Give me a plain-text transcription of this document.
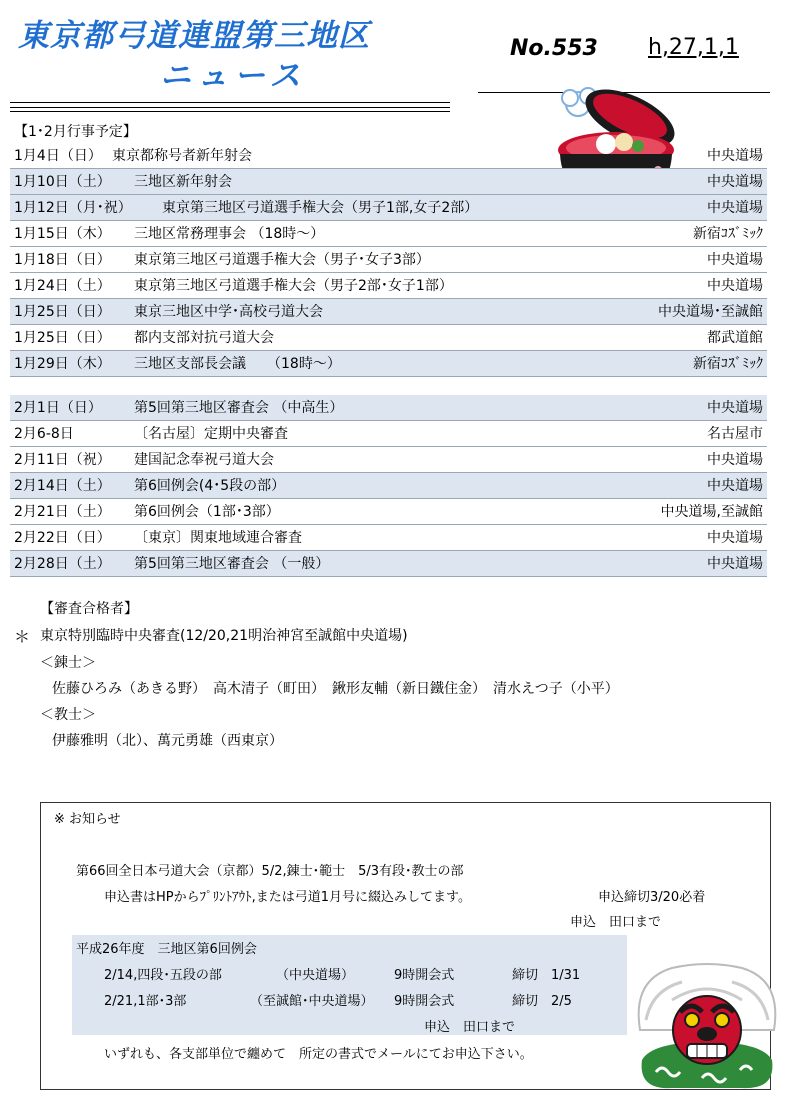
東京都弓道連盟第三地区
ニュース
No.553 h,27,1,1
【1･2月行事予定】
1月4日（日） 東京都称号者新年射会	中央道場
1月10日（土） 三地区新年射会	中央道場
1月12日（月･祝） 東京第三地区弓道選手権大会（男子1部,女子2部）	中央道場
1月15日（木） 三地区常務理事会 （18時～）	新宿ｺｽﾞﾐｯｸ
1月18日（日） 東京第三地区弓道選手権大会（男子･女子3部）	中央道場
1月24日（土） 東京第三地区弓道選手権大会（男子2部･女子1部）	中央道場
1月25日（日） 東京三地区中学･高校弓道大会	中央道場･至誠館
1月25日（日） 都内支部対抗弓道大会	都武道館
1月29日（木） 三地区支部長会議　　（18時～）	新宿ｺｽﾞﾐｯｸ
2月1日（日） 第5回第三地区審査会 （中高生）	中央道場
2月6-8日	〔名古屋〕定期中央審査	名古屋市
2月11日（祝） 建国記念奉祝弓道大会	中央道場
2月14日（土） 第6回例会(4･5段の部）	中央道場
2月21日（土） 第6回例会（1部･3部）	中央道場,至誠館
2月22日（日） 〔東京〕関東地域連合審査	中央道場
2月28日（土） 第5回第三地区審査会 （一般）	中央道場
【審査合格者】
＊ 東京特別臨時中央審査(12/20,21明治神宮至誠館中央道場)
＜錬士＞
佐藤ひろみ（あきる野）　高木清子（町田）　鍬形友輔（新日鐵住金）　清水えつ子（小平）
＜教士＞
伊藤雅明（北）、萬元勇雄（西東京）
※ お知らせ
第66回全日本弓道大会（京都）5/2,錬士･範士　5/3有段･教士の部
申込書はHPからﾌﾟﾘﾝﾄｱｳﾄ,または弓道1月号に綴込みしてます。	申込締切3/20必着
申込　田口まで
平成26年度　三地区第6回例会
2/14,四段･五段の部	（中央道場）	9時開会式	締切　1/31
2/21,1部･3部	（至誠館･中央道場） 9時開会式	締切　2/5
申込　田口まで
いずれも、各支部単位で纏めて　所定の書式でメールにてお申込下さい。
